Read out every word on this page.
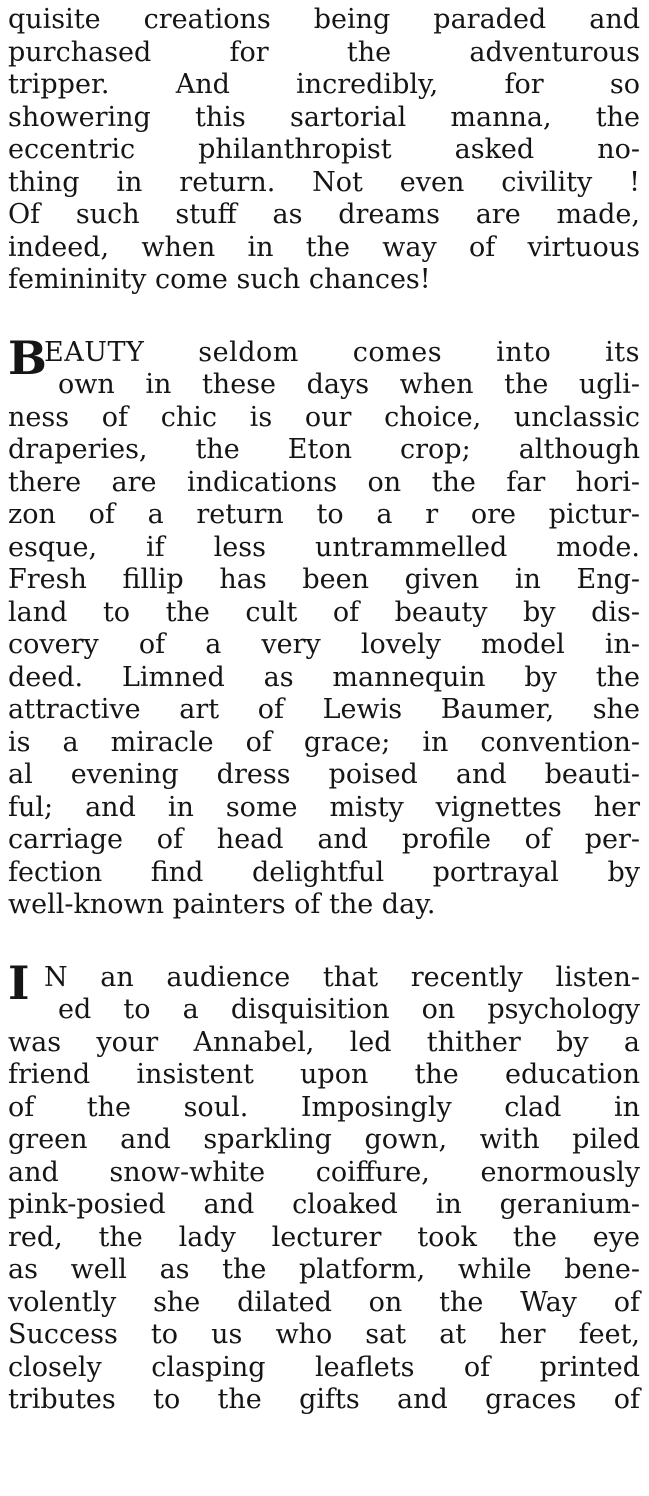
quisite creations being paraded and
purchased for the adventurous
tripper. And incredibly, for so
showering this sartorial manna, the
eccentric philanthropist asked no-
thing in return. Not even civility !
Of such stuff as dreams are made,
indeed, when in the way of virtuous
femininity come such chances!
B
EAUTY seldom comes into its
own in these days when the ugli-
ness of chic is our choice, unclassic
draperies, the Eton crop; although
there are indications on the far hori-
zon of a return to a r ore pictur-
esque, if less untrammelled mode.
Fresh fillip has been given in Eng-
land to the cult of beauty by dis-
covery of a very lovely model in-
deed. Limned as mannequin by the
attractive art of Lewis Baumer, she
is a miracle of grace; in convention-
al evening dress poised and beauti-
ful; and in some misty vignettes her
carriage of head and profile of per-
fection find delightful portrayal by
well-known painters of the day.
I N an audience that recently listen-
ed to a disquisition on psychology
was your Annabel, led thither by a
friend insistent upon the education
of the soul. Imposingly clad in
green and sparkling gown, with piled
and snow-white coiffure, enormously
pink-posied and cloaked in geranium-
red, the lady lecturer took the eye
as well as the platform, while bene-
volently she dilated on the Way of
Success to us who sat at her feet,
closely clasping leaflets of printed
tributes to the gifts and graces of
